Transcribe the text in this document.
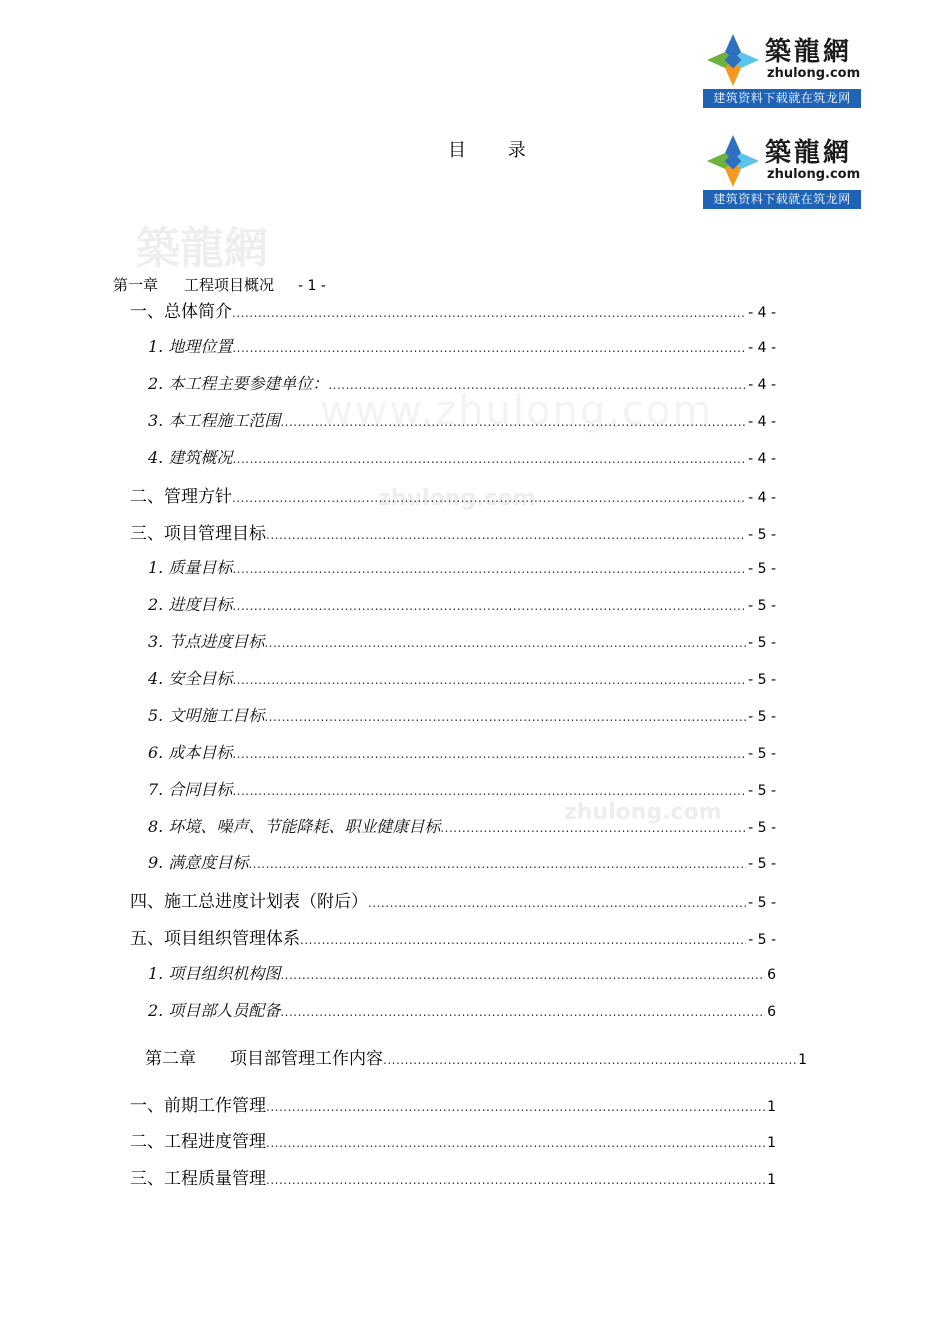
築龍網
zhulong.com
建筑资料下载就在筑龙网
築龍網
zhulong.com
建筑资料下载就在筑龙网
築龍網
www.zhulong.com
zhulong.com
zhulong.com
目 录
第一章 工程项目概况 - 1 -
一、总体简介 .....	- 4 -
1. 地理位置 .....	- 4 -
2. 本工程主要参建单位： .....	- 4 -
3. 本工程施工范围 .....	- 4 -
4. 建筑概况 .....	- 4 -
二、管理方针 .....	- 4 -
三、项目管理目标 .....	- 5 -
1. 质量目标 .....	- 5 -
2. 进度目标 .....	- 5 -
3. 节点进度目标 .....	- 5 -
4. 安全目标 .....	- 5 -
5. 文明施工目标 .....	- 5 -
6. 成本目标 .....	- 5 -
7. 合同目标 .....	- 5 -
8. 环境、噪声、节能降耗、职业健康目标 .....	- 5 -
9. 满意度目标 .....	- 5 -
四、施工总进度计划表（附后） .....	- 5 -
五、项目组织管理体系 .....	- 5 -
1. 项目组织机构图 .....	6
2. 项目部人员配备 .....	6
第二章　　项目部管理工作内容 .....	1
一、前期工作管理 .....	1
二、工程进度管理 .....	1
三、工程质量管理 .....	1
